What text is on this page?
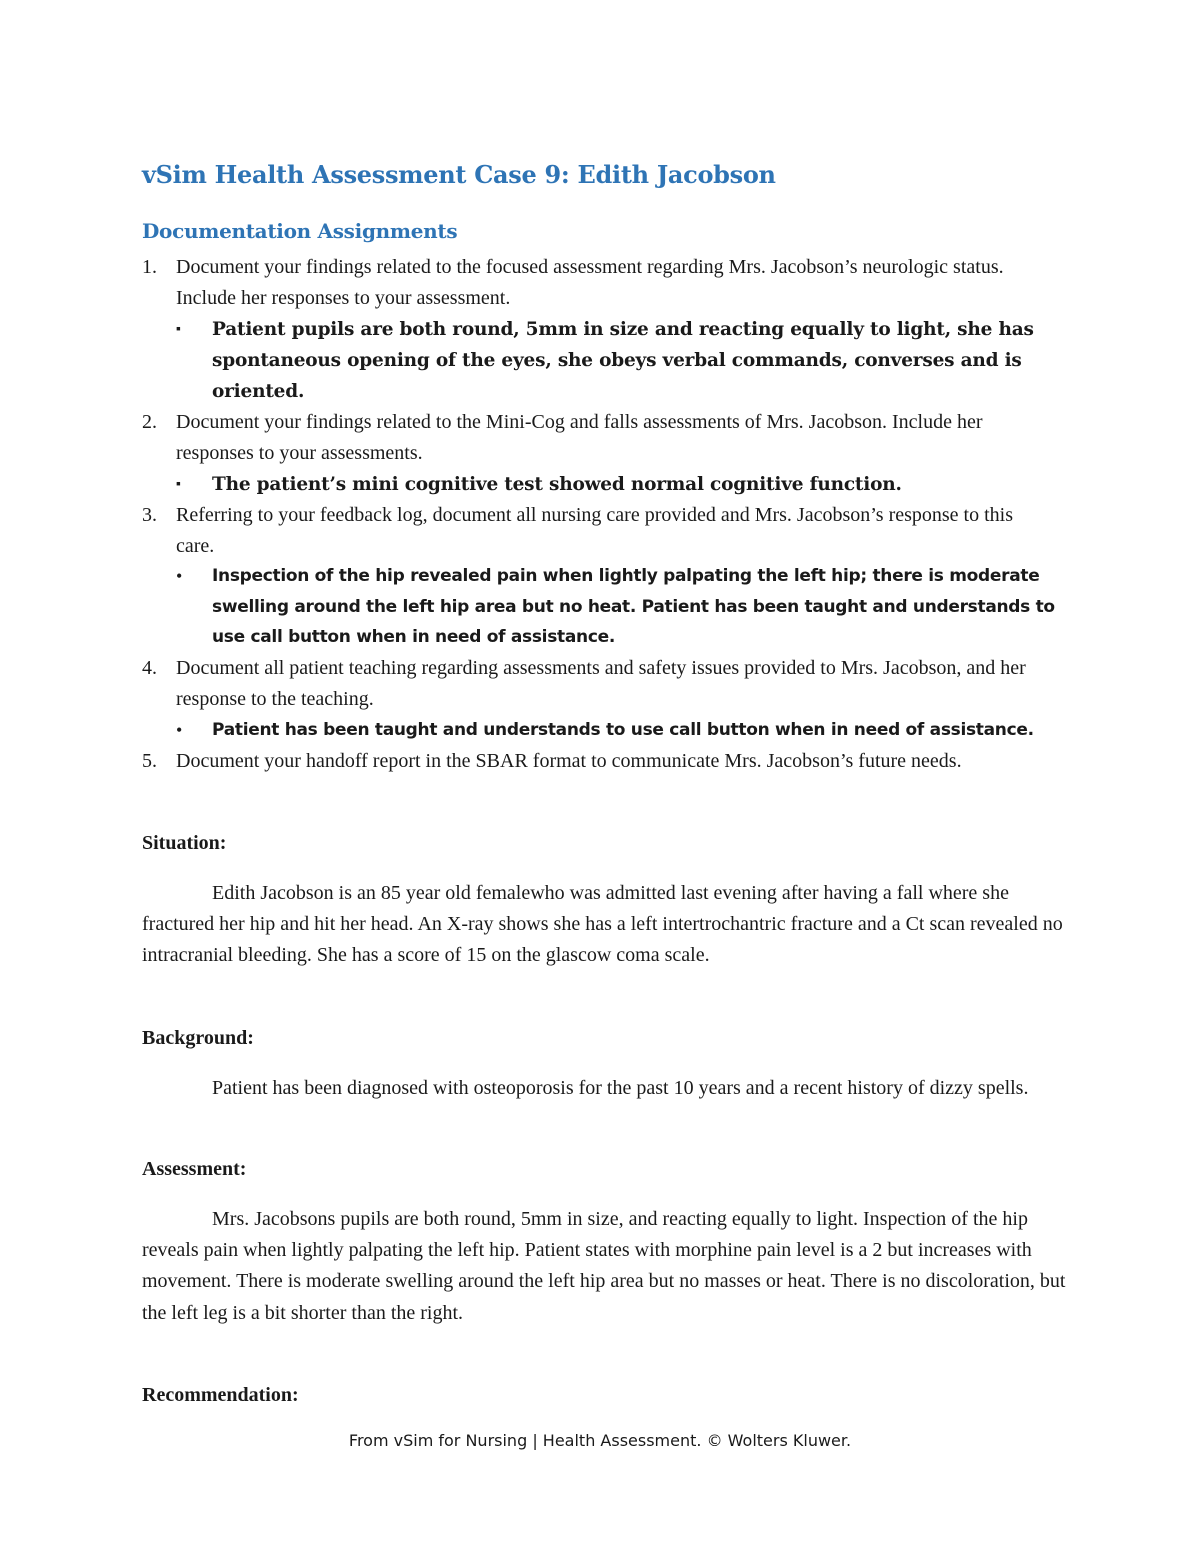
vSim Health Assessment Case 9: Edith Jacobson
Documentation Assignments
1. Document your findings related to the focused assessment regarding Mrs. Jacobson’s neurologic status. Include her responses to your assessment.
▪	Patient pupils are both round, 5mm in size and reacting equally to light, she has spontaneous opening of the eyes, she obeys verbal commands, converses and is oriented.
2. Document your findings related to the Mini-Cog and falls assessments of Mrs. Jacobson. Include her responses to your assessments.
▪	The patient’s mini cognitive test showed normal cognitive function.
3. Referring to your feedback log, document all nursing care provided and Mrs. Jacobson’s response to this care.
•	Inspection of the hip revealed pain when lightly palpating the left hip; there is moderate swelling around the left hip area but no heat. Patient has been taught and understands to use call button when in need of assistance.
4. Document all patient teaching regarding assessments and safety issues provided to Mrs. Jacobson, and her response to the teaching.
•	Patient has been taught and understands to use call button when in need of assistance.
5. Document your handoff report in the SBAR format to communicate Mrs. Jacobson’s future needs.
Situation:

Edith Jacobson is an 85 year old femalewho was admitted last evening after having a fall where she fractured her hip and hit her head. An X-ray shows she has a left intertrochantric fracture and a Ct scan revealed no intracranial bleeding. She has a score of 15 on the glascow coma scale.

Background:

Patient has been diagnosed with osteoporosis for the past 10 years and a recent history of dizzy spells.

Assessment:

Mrs. Jacobsons pupils are both round, 5mm in size, and reacting equally to light. Inspection of the hip reveals pain when lightly palpating the left hip. Patient states with morphine pain level is a 2 but increases with movement. There is moderate swelling around the left hip area but no masses or heat. There is no discoloration, but the left leg is a bit shorter than the right.

Recommendation:
From vSim for Nursing | Health Assessment. © Wolters Kluwer.
